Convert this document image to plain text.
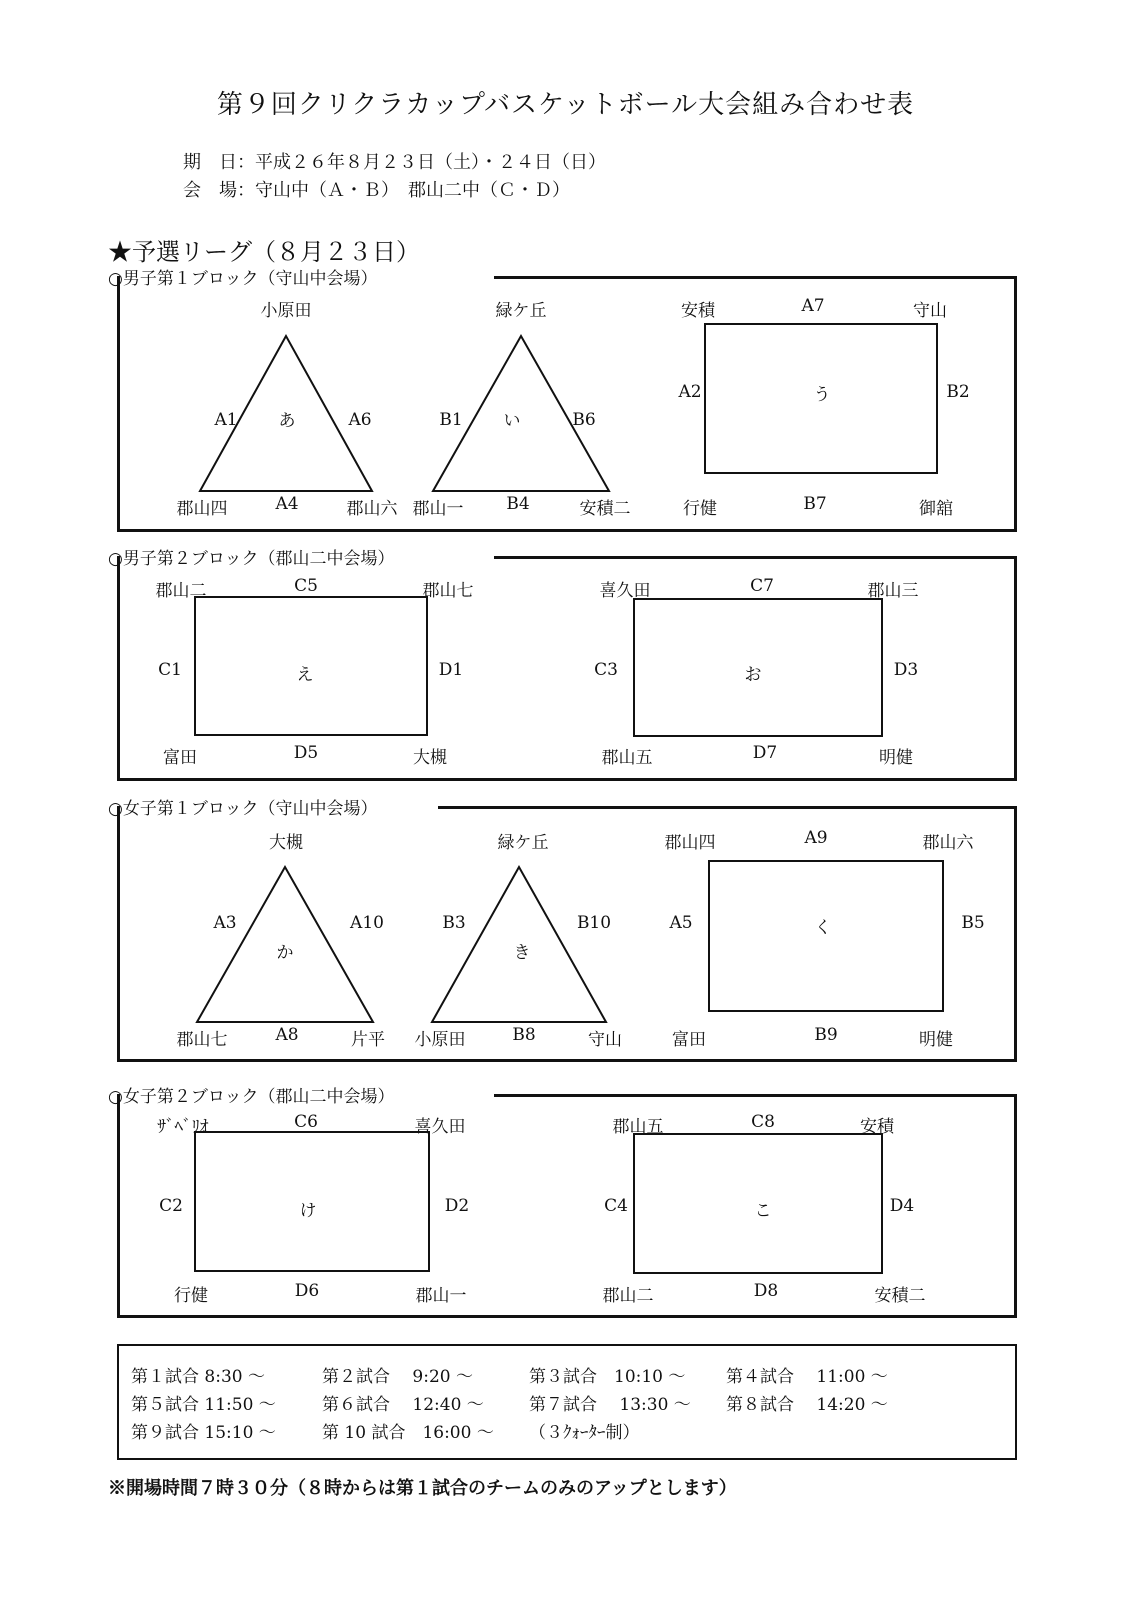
第９回クリクラカップバスケットボール大会組み合わせ表
期　日：平成２６年８月２３日（土）・２４日（日）
会　場：守山中（Ａ・Ｂ）　郡山二中（Ｃ・Ｄ）
★予選リーグ（８月２３日）
○男子第１ブロック（守山中会場）
小原田
あ
A1	A6
郡山四	A4	郡山六
緑ケ丘
い
B1	B6
郡山一	B4	安積二
安積	A7	守山
A2	う	B2
行健	B7	御舘
○男子第２ブロック（郡山二中会場）
郡山二	C5	郡山七
C1	え	D1
富田	D5	大槻
喜久田	C7	郡山三
C3	お	D3
郡山五	D7	明健
○女子第１ブロック（守山中会場）
大槻
か
A3	A10
郡山七	A8	片平
緑ケ丘
き
B3	B10
小原田	B8	守山
郡山四	A9	郡山六
A5	く	B5
富田	B9	明健
○女子第２ブロック（郡山二中会場）
ｻﾞﾍﾞﾘｵ	C6	喜久田
C2	け	D2
行健	D6	郡山一
郡山五	C8	安積
C4	こ	D4
郡山二	D8	安積二
第１試合 8:30 ～	第２試合　 9:20 ～	第３試合　10:10 ～ 第４試合　 11:00 ～
第５試合 11:50 ～	第６試合　 12:40 ～	第７試合　 13:30 ～ 第８試合　 14:20 ～
第９試合 15:10 ～	第 10 試合　16:00 ～ （３ｸｫｰﾀｰ制）
※開場時間７時３０分（８時からは第１試合のチームのみのアップとします）
